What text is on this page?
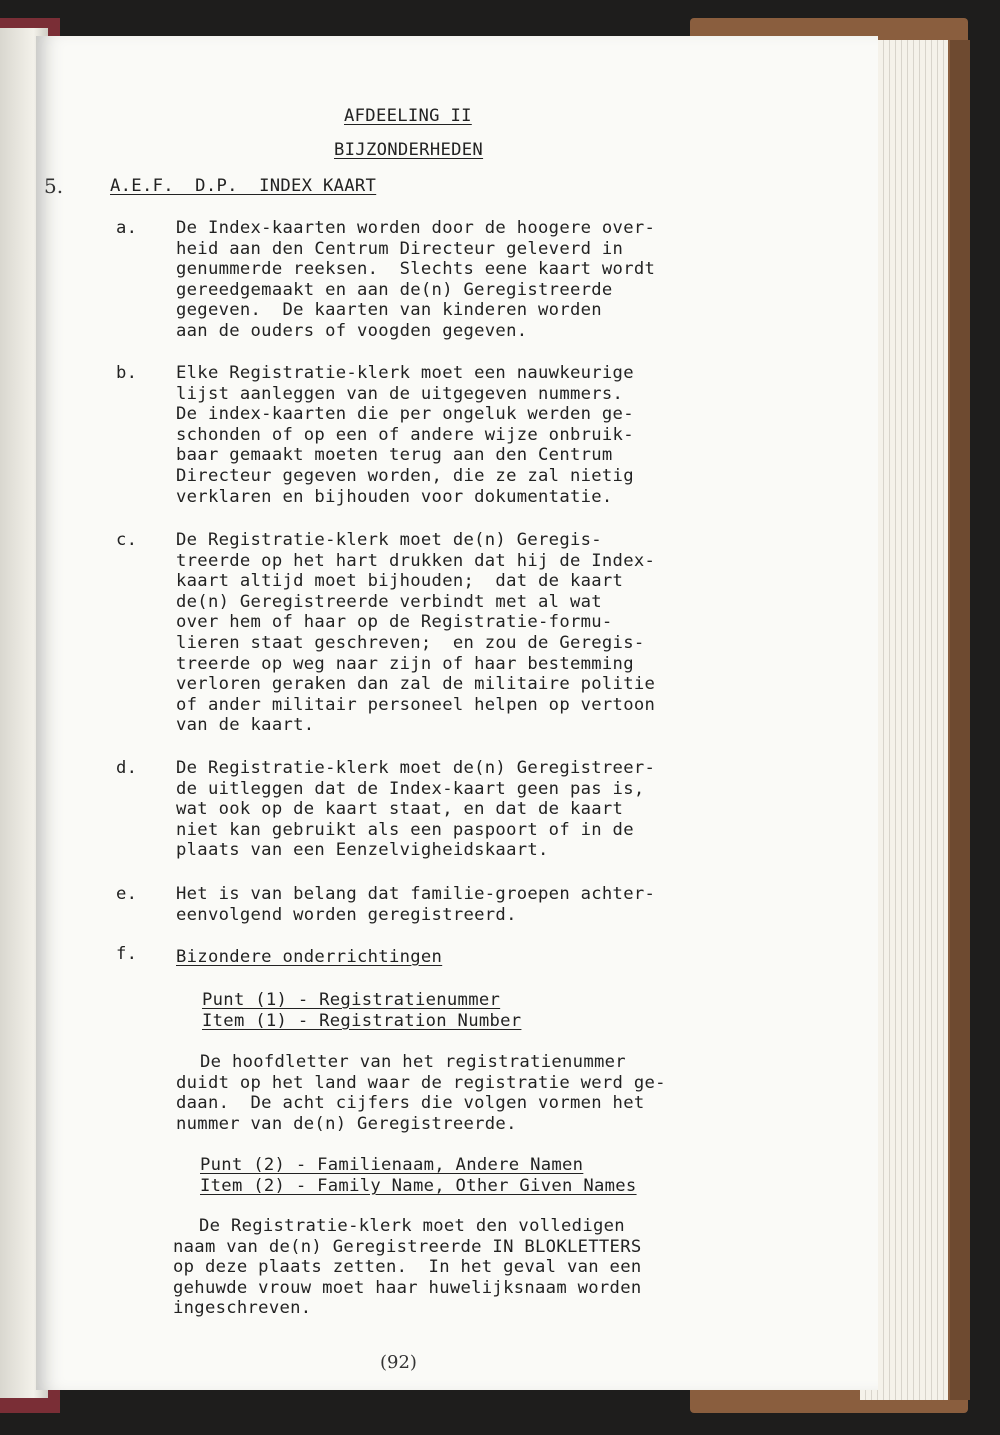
AFDEELING II
BIJZONDERHEDEN
5.	A.E.F.  D.P.  INDEX KAART
a. De Index-kaarten worden door de hoogere over-
heid aan den Centrum Directeur geleverd in
genummerde reeksen.  Slechts eene kaart wordt
gereedgemaakt en aan de(n) Geregistreerde
gegeven.  De kaarten van kinderen worden
aan de ouders of voogden gegeven.
b. Elke Registratie-klerk moet een nauwkeurige
lijst aanleggen van de uitgegeven nummers.
De index-kaarten die per ongeluk werden ge-
schonden of op een of andere wijze onbruik-
baar gemaakt moeten terug aan den Centrum
Directeur gegeven worden, die ze zal nietig
verklaren en bijhouden voor dokumentatie.
c. De Registratie-klerk moet de(n) Geregis-
treerde op het hart drukken dat hij de Index-
kaart altijd moet bijhouden;  dat de kaart
de(n) Geregistreerde verbindt met al wat
over hem of haar op de Registratie-formu-
lieren staat geschreven;  en zou de Geregis-
treerde op weg naar zijn of haar bestemming
verloren geraken dan zal de militaire politie
of ander militair personeel helpen op vertoon
van de kaart.
d. De Registratie-klerk moet de(n) Geregistreer-
de uitleggen dat de Index-kaart geen pas is,
wat ook op de kaart staat, en dat de kaart
niet kan gebruikt als een paspoort of in de
plaats van een Eenzelvigheidskaart.
e. Het is van belang dat familie-groepen achter-
eenvolgend worden geregistreerd.
f. Bizondere onderrichtingen
Punt (1) - Registratienummer
Item (1) - Registration Number
De hoofdletter van het registratienummer
duidt op het land waar de registratie werd ge-
daan.  De acht cijfers die volgen vormen het
nummer van de(n) Geregistreerde.
Punt (2) - Familienaam, Andere Namen
Item (2) - Family Name, Other Given Names
De Registratie-klerk moet den volledigen
naam van de(n) Geregistreerde IN BLOKLETTERS
op deze plaats zetten.  In het geval van een
gehuwde vrouw moet haar huwelijksnaam worden
ingeschreven.
(92)
